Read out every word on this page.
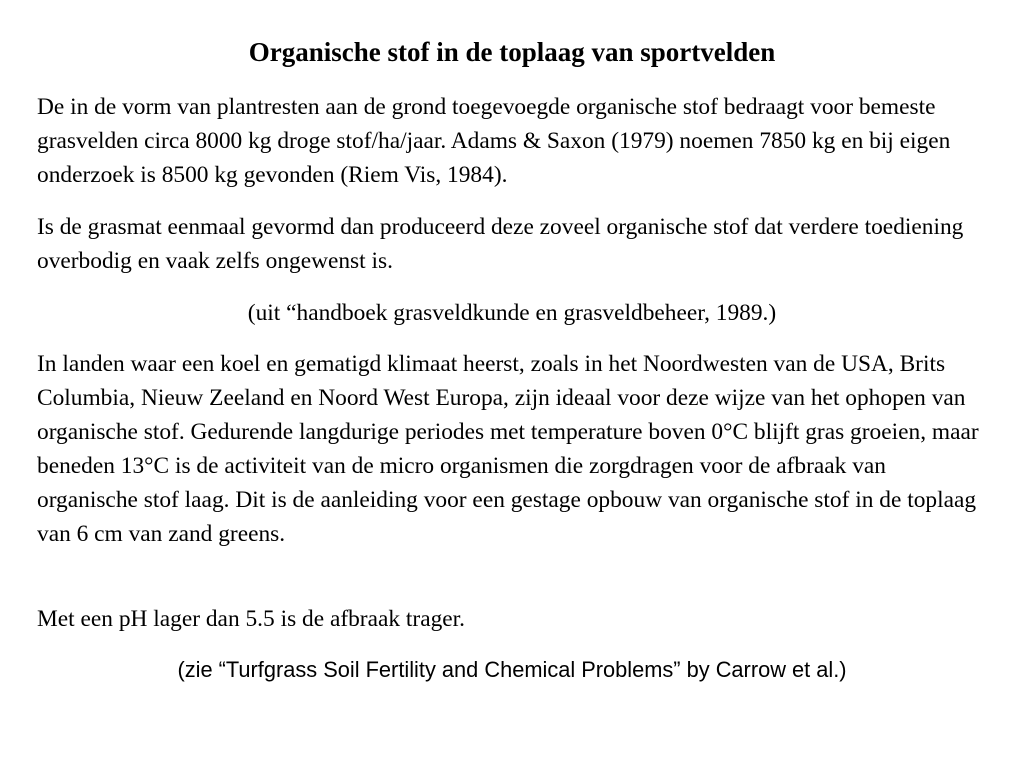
Organische stof in de toplaag van sportvelden

De in de vorm van plantresten aan de grond toegevoegde organische stof bedraagt voor bemeste grasvelden circa 8000 kg droge stof/ha/jaar. Adams & Saxon (1979) noemen 7850 kg en bij eigen onderzoek is 8500 kg gevonden (Riem Vis, 1984).

Is de grasmat eenmaal gevormd dan produceerd deze zoveel organische stof dat verdere toediening overbodig en vaak zelfs ongewenst is.

(uit “handboek grasveldkunde en grasveldbeheer, 1989.)

In landen waar een koel en gematigd klimaat heerst, zoals in het Noordwesten van de USA, Brits Columbia, Nieuw Zeeland en Noord West Europa, zijn ideaal voor deze wijze van het ophopen van organische stof. Gedurende langdurige periodes met temperature boven 0°C blijft gras groeien, maar beneden 13°C is de activiteit van de micro organismen die zorgdragen voor de afbraak van organische stof laag. Dit is de aanleiding voor een gestage opbouw van organische stof in de toplaag van 6 cm van zand greens.

Met een pH lager dan 5.5 is de afbraak trager.

(zie “Turfgrass Soil Fertility and Chemical Problems” by Carrow et al.)
